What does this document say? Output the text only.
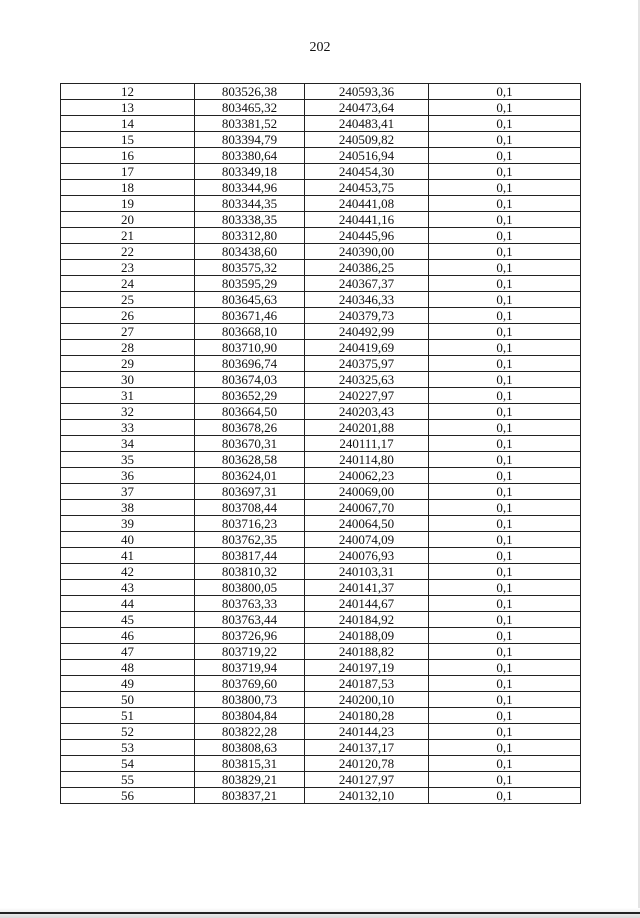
202
12	803526,38	240593,36	0,1
13	803465,32	240473,64	0,1
14	803381,52	240483,41	0,1
15	803394,79	240509,82	0,1
16	803380,64	240516,94	0,1
17	803349,18	240454,30	0,1
18	803344,96	240453,75	0,1
19	803344,35	240441,08	0,1
20	803338,35	240441,16	0,1
21	803312,80	240445,96	0,1
22	803438,60	240390,00	0,1
23	803575,32	240386,25	0,1
24	803595,29	240367,37	0,1
25	803645,63	240346,33	0,1
26	803671,46	240379,73	0,1
27	803668,10	240492,99	0,1
28	803710,90	240419,69	0,1
29	803696,74	240375,97	0,1
30	803674,03	240325,63	0,1
31	803652,29	240227,97	0,1
32	803664,50	240203,43	0,1
33	803678,26	240201,88	0,1
34	803670,31	240111,17	0,1
35	803628,58	240114,80	0,1
36	803624,01	240062,23	0,1
37	803697,31	240069,00	0,1
38	803708,44	240067,70	0,1
39	803716,23	240064,50	0,1
40	803762,35	240074,09	0,1
41	803817,44	240076,93	0,1
42	803810,32	240103,31	0,1
43	803800,05	240141,37	0,1
44	803763,33	240144,67	0,1
45	803763,44	240184,92	0,1
46	803726,96	240188,09	0,1
47	803719,22	240188,82	0,1
48	803719,94	240197,19	0,1
49	803769,60	240187,53	0,1
50	803800,73	240200,10	0,1
51	803804,84	240180,28	0,1
52	803822,28	240144,23	0,1
53	803808,63	240137,17	0,1
54	803815,31	240120,78	0,1
55	803829,21	240127,97	0,1
56	803837,21	240132,10	0,1
